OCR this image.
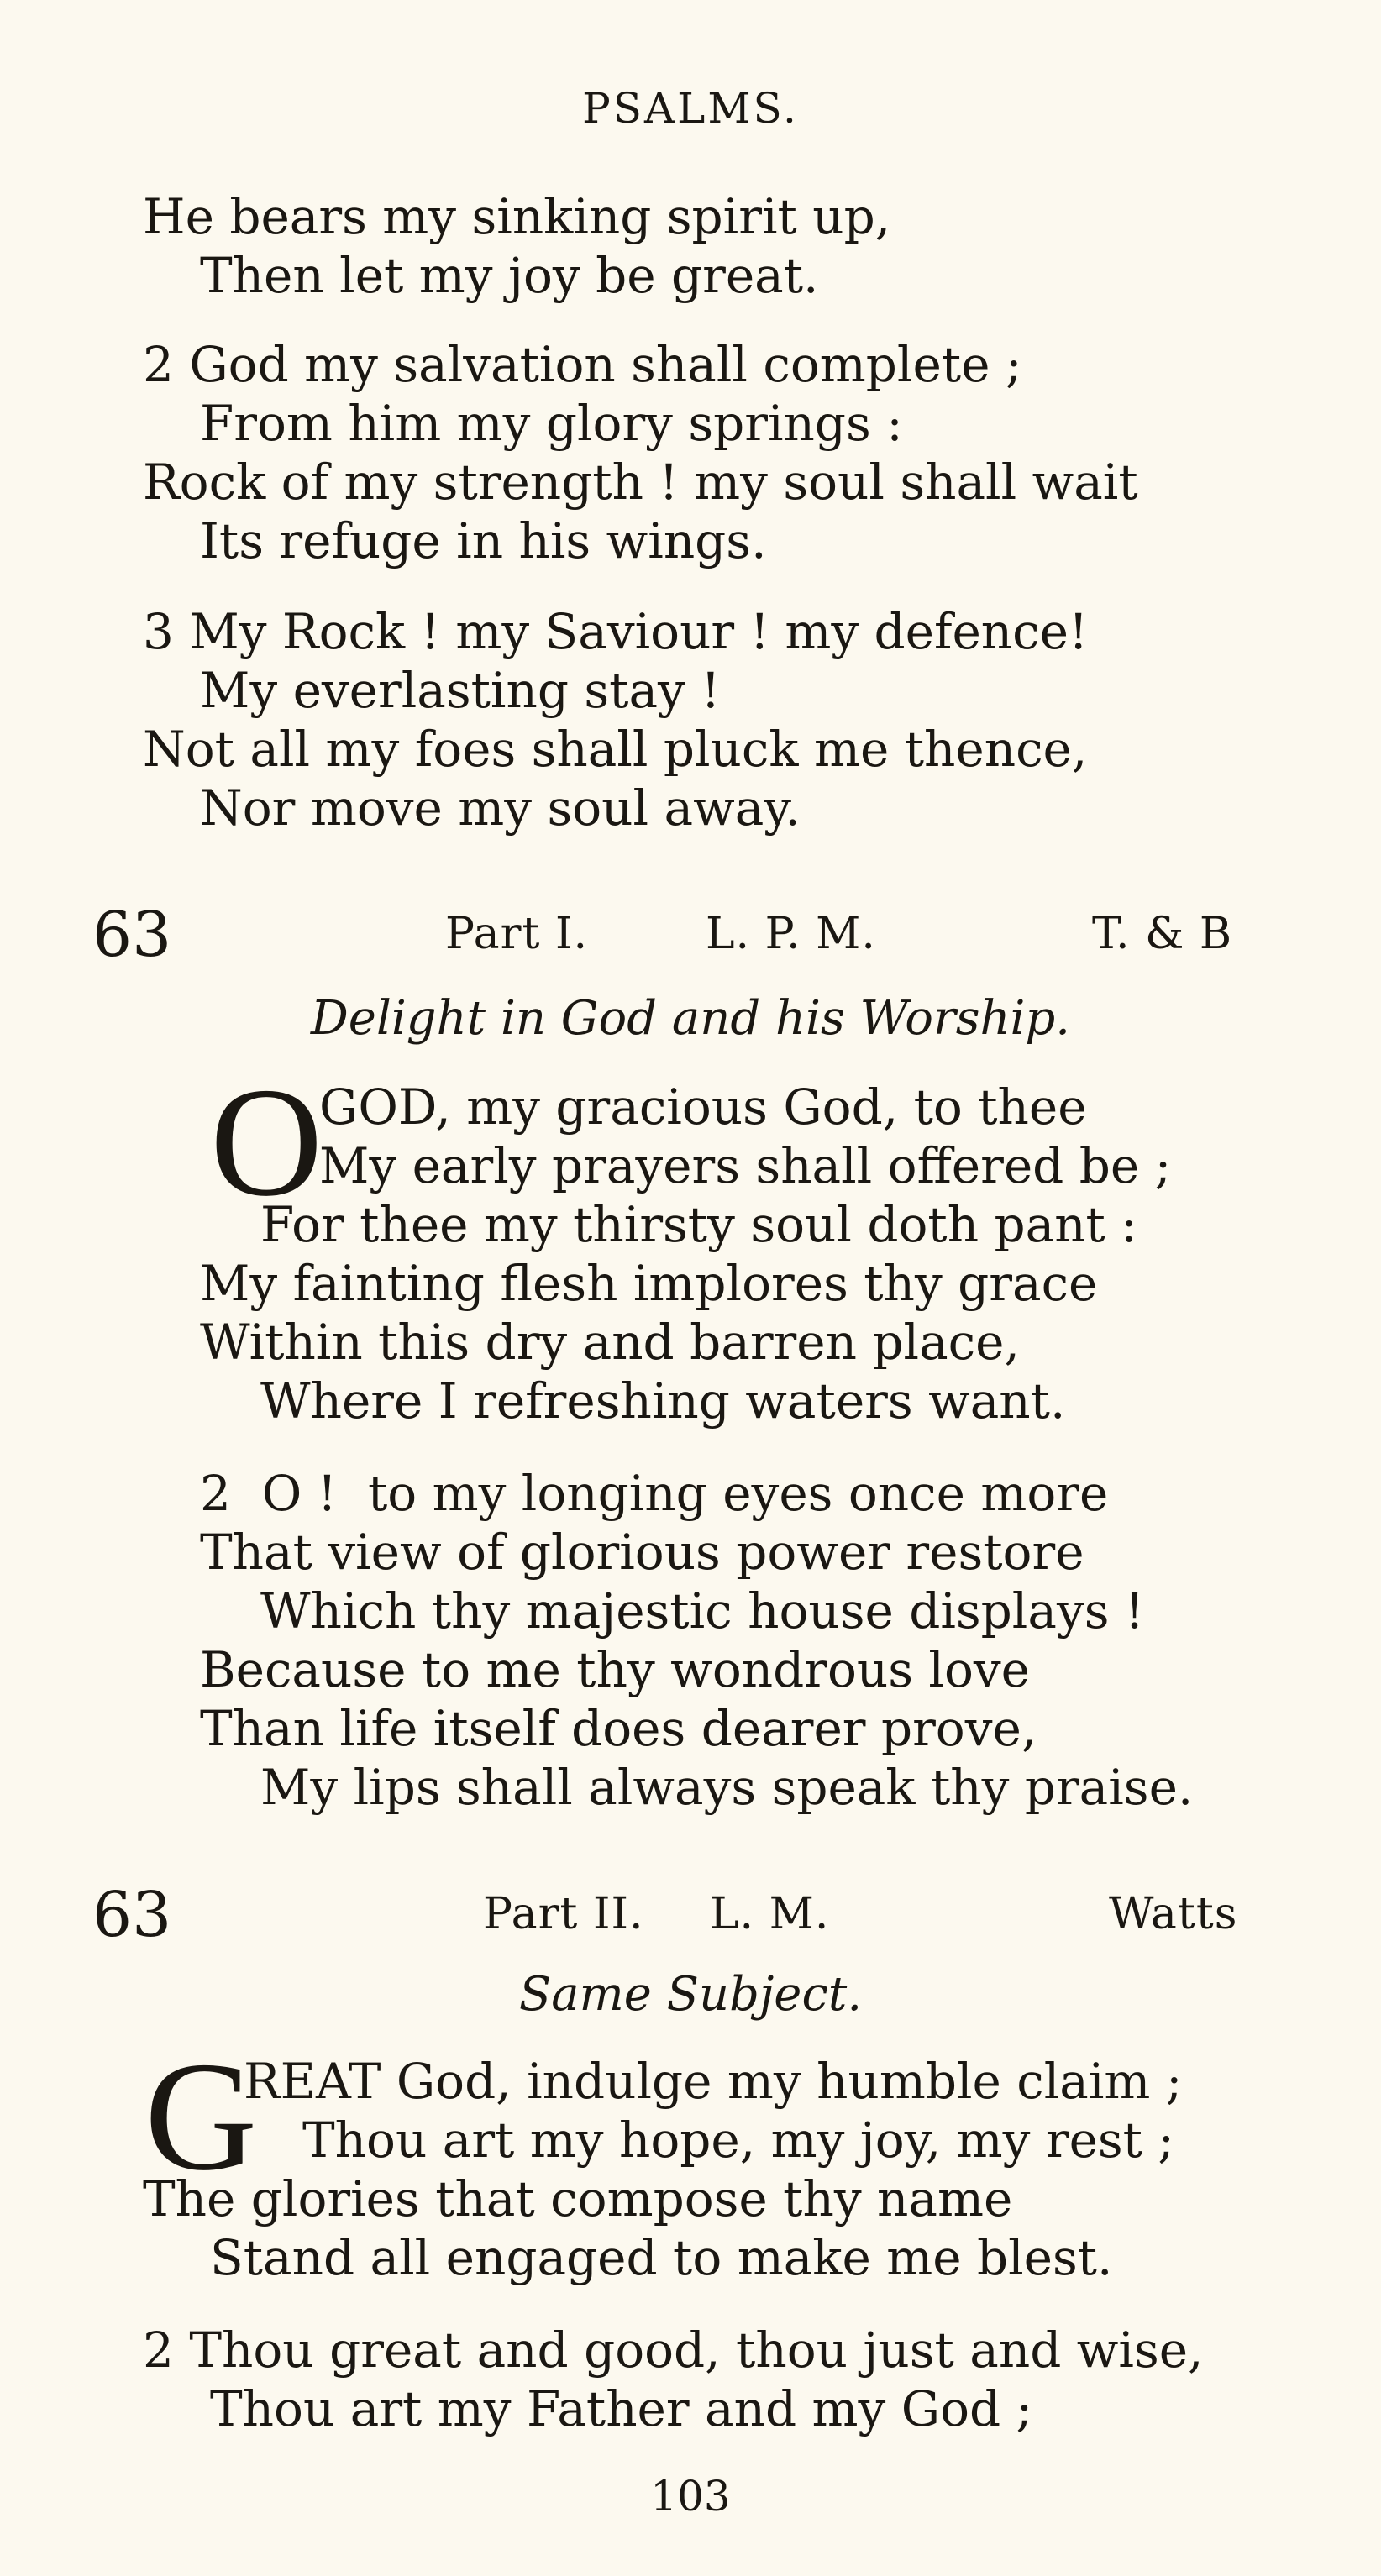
PSALMS.
He bears my sinking spirit up,
Then let my joy be great.
2 God my salvation shall complete ;
From him my glory springs :
Rock of my strength ! my soul shall wait
Its refuge in his wings.
3 My Rock ! my Saviour ! my defence!
My everlasting stay !
Not all my foes shall pluck me thence,
Nor move my soul away.
63	Part I.	L. P. M.	T. & B
Delight in God and his Worship.
O
GOD, my gracious God, to thee
My early prayers shall offered be ;
For thee my thirsty soul doth pant :
My fainting flesh implores thy grace
Within this dry and barren place,
Where I refreshing waters want.
2  O !  to my longing eyes once more
That view of glorious power restore
Which thy majestic house displays !
Because to me thy wondrous love
Than life itself does dearer prove,
My lips shall always speak thy praise.
63	Part II. L. M.	Watts
Same Subject.
G
REAT God, indulge my humble claim ;
Thou art my hope, my joy, my rest ;
The glories that compose thy name
Stand all engaged to make me blest.
2 Thou great and good, thou just and wise,
Thou art my Father and my God ;
103
